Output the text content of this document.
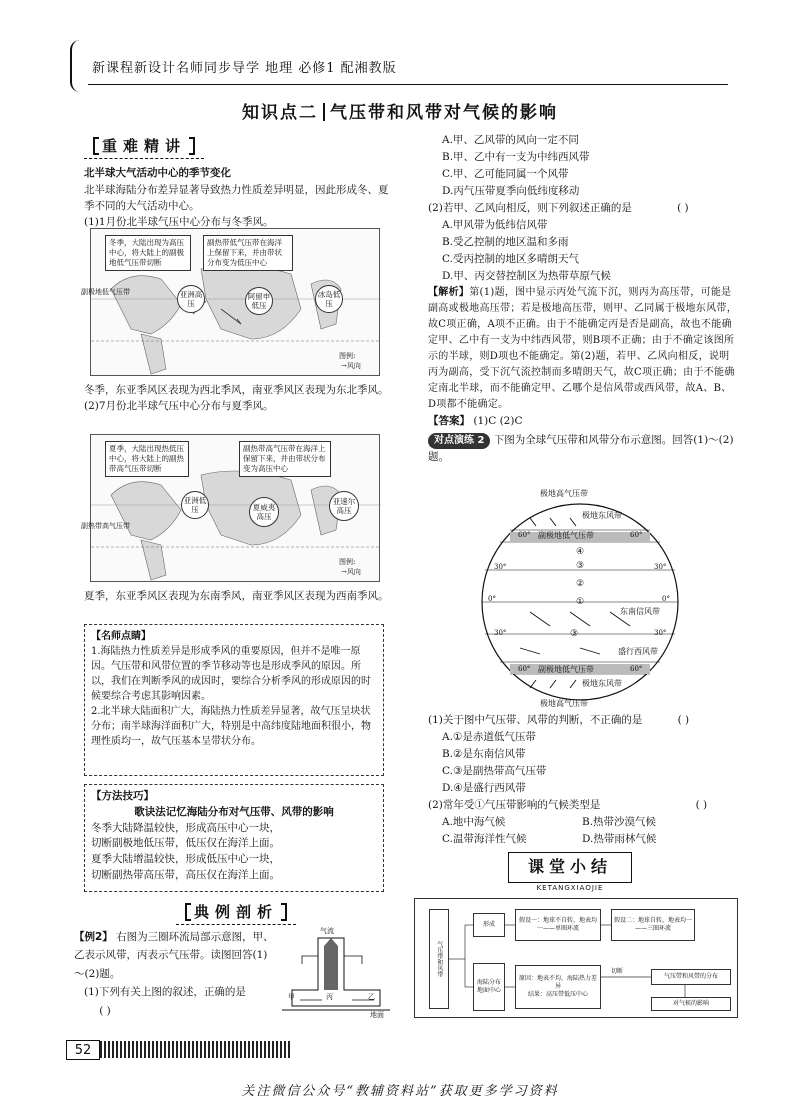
新课程新设计名师同步导学 地理 必修1 配湘教版
知识点二 气压带和风带对气候的影响
重难精讲
北半球大气活动中心的季节变化
北半球海陆分布差异显著导致热力性质差异明显，因此形成冬、夏季不同的大气活动中心。
(1)1月份北半球气压中心分布与冬季风。
冬季，大陆出现为高压中心，将大陆上的副极地低气压带切断
副热带低气压带在海洋上保留下来，并由带状分布变为低压中心
副极地低气压带	亚洲高压
阿留申低压
冰岛低压
图例:
→风向
冬季，东亚季风区表现为西北季风，南亚季风区表现为东北季风。
(2)7月份北半球气压中心分布与夏季风。
夏季，大陆出现热低压中心，将大陆上的副热带高气压带切断
副热带高气压带在海洋上保留下来，并由带状分布变为高压中心
副热带高气压带
亚洲低压	夏威夷高压
亚速尔高压
图例:
→风向
夏季，东亚季风区表现为东南季风，南亚季风区表现为西南季风。
【名师点睛】
1.海陆热力性质差异是形成季风的重要原因，但并不是唯一原因。气压带和风带位置的季节移动等也是形成季风的原因。所以，我们在判断季风的成因时，要综合分析季风的形成原因的时候要综合考虑其影响因素。
2.北半球大陆面积广大，海陆热力性质差异显著，故气压呈块状分布；南半球海洋面积广大，特别是中高纬度陆地面积很小，物理性质均一，故气压基本呈带状分布。
【方法技巧】
歌诀法记忆海陆分布对气压带、风带的影响
冬季大陆降温较快，形成高压中心一块，
切断副极地低压带，低压仅在海洋上面。
夏季大陆增温较快，形成低压中心一块，
切断副热带高压带，高压仅在海洋上面。
典例剖析
【例2】 右图为三圈环流局部示意图，甲、乙表示风带，丙表示气压带。读图回答(1)～(2)题。
(1)下列有关上图的叙述，正确的是 ( )
气流
甲	丙	乙
地面
A.甲、乙风带的风向一定不同
B.甲、乙中有一支为中纬西风带
C.甲、乙可能同属一个风带
D.丙气压带夏季向低纬度移动
(2)若甲、乙风向相反，则下列叙述正确的是	( )
A.甲风带为低纬信风带
B.受乙控制的地区温和多雨
C.受丙控制的地区多晴朗天气
D.甲、丙交替控制区为热带草原气候
【解析】第(1)题，图中显示丙处气流下沉，则丙为高压带，可能是副高或极地高压带；若是极地高压带，则甲、乙同属于极地东风带，故C项正确，A项不正确。由于不能确定丙是否是副高，故也不能确定甲、乙中有一支为中纬西风带，则B项不正确；由于不确定该图所示的半球，则D项也不能确定。第(2)题，若甲、乙风向相反，说明丙为副高，受下沉气流控制而多晴朗天气，故C项正确；由于不能确定南北半球，而不能确定甲、乙哪个是信风带或西风带，故A、B、D项都不能确定。
【答案】 (1)C (2)C
对点演练 2 下图为全球气压带和风带分布示意图。回答(1)～(2)题。
极地高气压带
极地东风带
副极地低气压带
60°	60°
④
③
30°	30°
②
①
0°	0°
东南信风带
③
30°	30°
盛行西风带
副极地低气压带
60°	60°
极地东风带
极地高气压带
(1)关于图中气压带、风带的判断，不正确的是	( )
A.①是赤道低气压带
B.②是东南信风带
C.③是副热带高气压带
D.④是盛行西风带
(2)常年受①气压带影响的气候类型是	( )
A.地中海气候	B.热带沙漠气候
C.温带海洋性气候	D.热带雨林气候
课堂小结
KETANGXIAOJIE
气压带和风带
形成
假设一：地球不自转，地表均一——单圈环流
假设二：地球自转，地表均一——三圈环流
海陆分布
地面中心
原因：地表不均，海陆热力差异
结果：高压带低压中心
切断
气压带和风带的分布
对气候的影响
52
关注微信公众号“教辅资料站”获取更多学习资料
